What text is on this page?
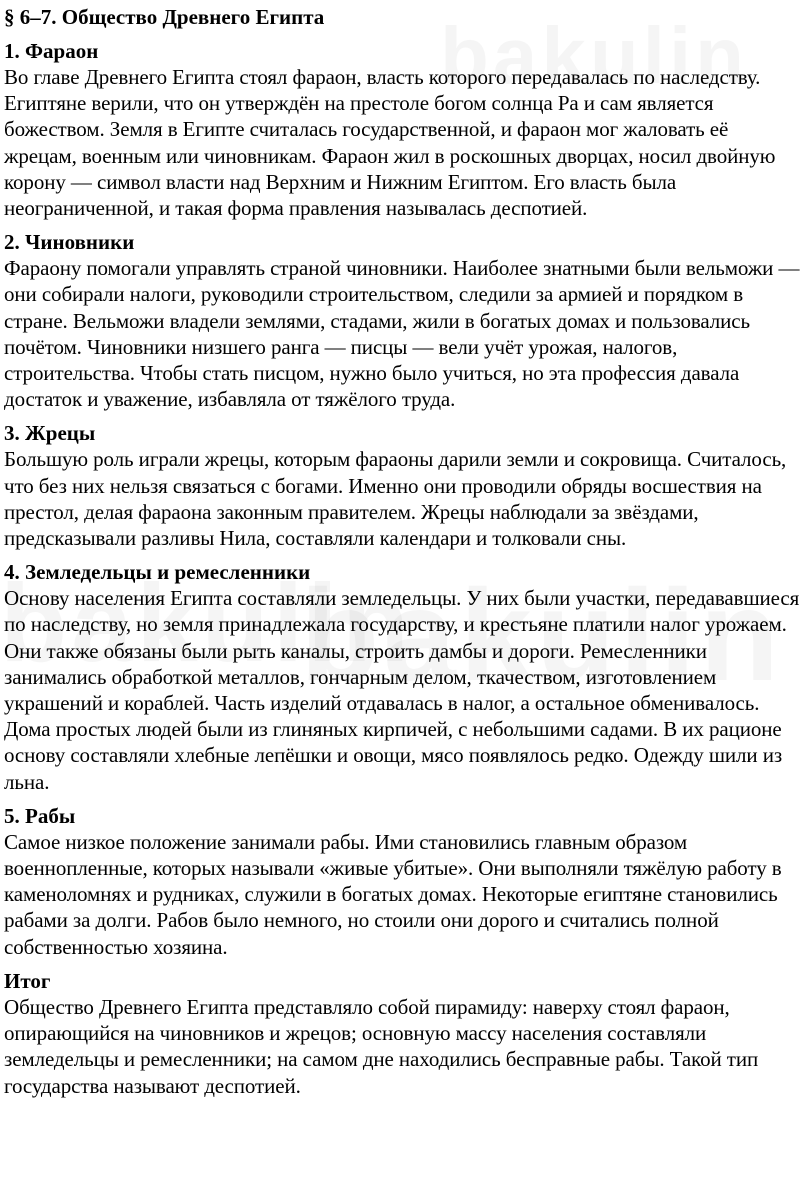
§ 6–7. Общество Древнего Египта
1. Фараон

Во главе Древнего Египта стоял фараон, власть которого передавалась по наследству. Египтяне верили, что он утверждён на престоле богом солнца Ра и сам является божеством. Земля в Египте считалась государственной, и фараон мог жаловать её жрецам, военным или чиновникам. Фараон жил в роскошных дворцах, носил двойную корону — символ власти над Верхним и Нижним Египтом. Его власть была неограниченной, и такая форма правления называлась деспотией.

2. Чиновники

Фараону помогали управлять страной чиновники. Наиболее знатными были вельможи — они собирали налоги, руководили строительством, следили за армией и порядком в стране. Вельможи владели землями, стадами, жили в богатых домах и пользовались почётом. Чиновники низшего ранга — писцы — вели учёт урожая, налогов, строительства. Чтобы стать писцом, нужно было учиться, но эта профессия давала достаток и уважение, избавляла от тяжёлого труда.

3. Жрецы

Большую роль играли жрецы, которым фараоны дарили земли и сокровища. Считалось, что без них нельзя связаться с богами. Именно они проводили обряды восшествия на престол, делая фараона законным правителем. Жрецы наблюдали за звёздами, предсказывали разливы Нила, составляли календари и толковали сны.

4. Земледельцы и ремесленники

Основу населения Египта составляли земледельцы. У них были участки, передававшиеся по наследству, но земля принадлежала государству, и крестьяне платили налог урожаем. Они также обязаны были рыть каналы, строить дамбы и дороги. Ремесленники занимались обработкой металлов, гончарным делом, ткачеством, изготовлением украшений и кораблей. Часть изделий отдавалась в налог, а остальное обменивалось. Дома простых людей были из глиняных кирпичей, с небольшими садами. В их рационе основу составляли хлебные лепёшки и овощи, мясо появлялось редко. Одежду шили из льна.

5. Рабы

Самое низкое положение занимали рабы. Ими становились главным образом военнопленные, которых называли «живые убитые». Они выполняли тяжёлую работу в каменоломнях и рудниках, служили в богатых домах. Некоторые египтяне становились рабами за долги. Рабов было немного, но стоили они дорого и считались полной собственностью хозяина.

Итог

Общество Древнего Египта представляло собой пирамиду: наверху стоял фараон, опирающийся на чиновников и жрецов; основную массу населения составляли земледельцы и ремесленники; на самом дне находились бесправные рабы. Такой тип государства называют деспотией.
